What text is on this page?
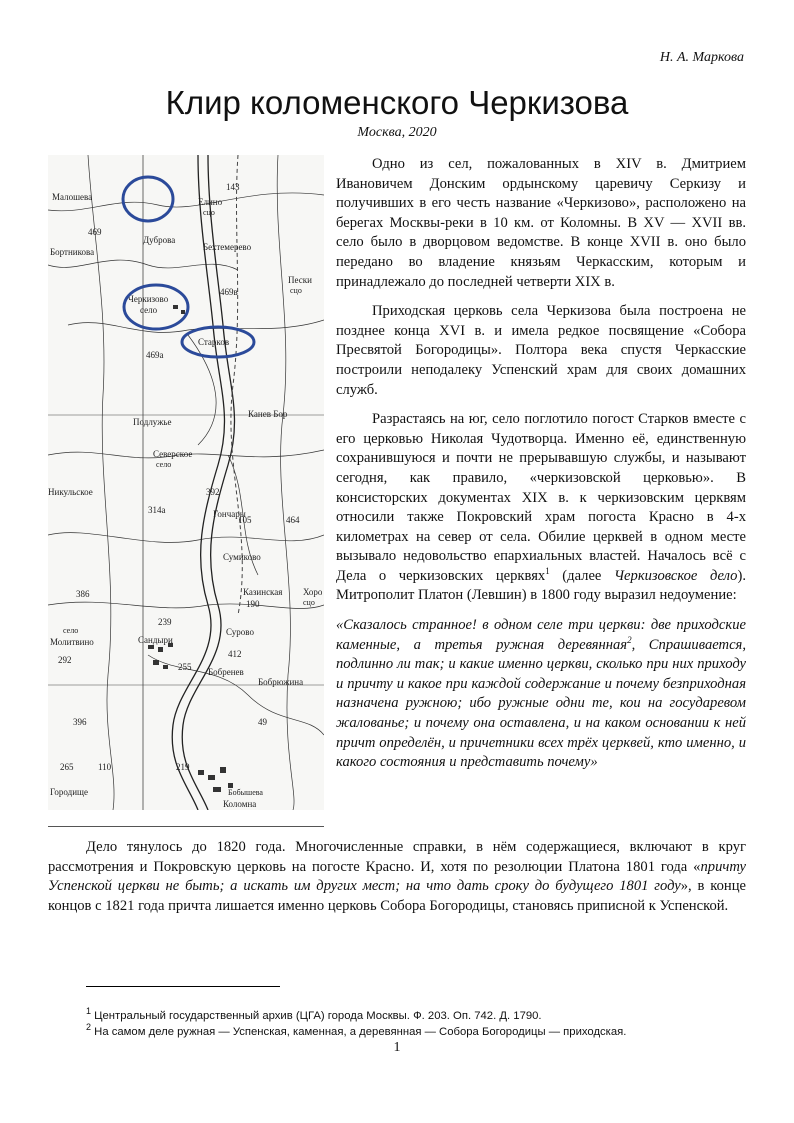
Н. А. Маркова
Клир коломенского Черкизова
Москва, 2020
Малошева
143
Елино
сцо
469
Дуброва
Бортникова	Бехтемерево
469в
Черкизово
село
Старков
469а
Пески
сцо
Подлужье
Канев Бор
Северское
село
Никульское	392
314а	Гончары
105	464
Сумиково
Казинская
190
Хоро
сцо
386
239
село
Молитвино	Сандыри
Сурово
412
292
255 Бобренев
Бобрюжина
396	49
265	110	219
Городище
Коломна
Бобышева

Одно из сел, пожалованных в XIV в. Дмитрием Ивановичем Донским ордынскому царевичу Серкизу и получивших в его честь название «Черкизово», расположено на берегах Москвы-реки в 10 км. от Коломны. В XV — XVII вв. село было в дворцовом ведомстве. В конце XVII в. оно было передано во владение князьям Черкасским, которым и принадлежало до последней четверти XIX в.

Приходская церковь села Черкизова была построена не позднее конца XVI в. и имела редкое посвящение «Собора Пресвятой Богородицы». Полтора века спустя Черкасские построили неподалеку Успенский храм для своих домашних служб.

Разрастаясь на юг, село поглотило погост Старков вместе с его церковью Николая Чудотворца. Именно её, единственную сохранившуюся и почти не прерывавшую службы, и называют сегодня, как правило, «черкизовской церковью». В консисторских документах XIX в. к черкизовским церквям относили также Покровский храм погоста Красно в 4-х километрах на север от села. Обилие церквей в одном месте вызывало недовольство епархиальных властей. Началось всё с Дела о черкизовских церквях$^1$ (далее Черкизовское дело). Митрополит Платон (Левшин) в 1800 году выразил недоумение:

«Сказалось странное! в одном селе три церкви: две приходские каменные, а третья ружная деревянная$^2$, Спрашивается, подлинно ли так; и какие именно церкви, сколько при них приходу и причту и какое при каждой содержание и почему безприходная назначена ружною; ибо ружные одни те, кои на государевом жалованье; и почему она оставлена, и на каком основании к ней причт определён, и причетники всех трёх церквей, кто именно, и какого состояния и представить почему»

Дело тянулось до 1820 года. Многочисленные справки, в нём содержащиеся, включают в круг рассмотрения и Покровскую церковь на погосте Красно. И, хотя по резолюции Платона 1801 года «причту Успенской церкви не быть; а искать им других мест; на что дать сроку до будущего 1801 году», в конце концов с 1821 года причта лишается именно церковь Собора Богородицы, становясь приписной к Успенской.

$^1$ Центральный государственный архив (ЦГА) города Москвы. Ф. 203. Оп. 742. Д. 1790.
$^2$ На самом деле ружная — Успенская, каменная, а деревянная — Собора Богородицы — приходская.
1
